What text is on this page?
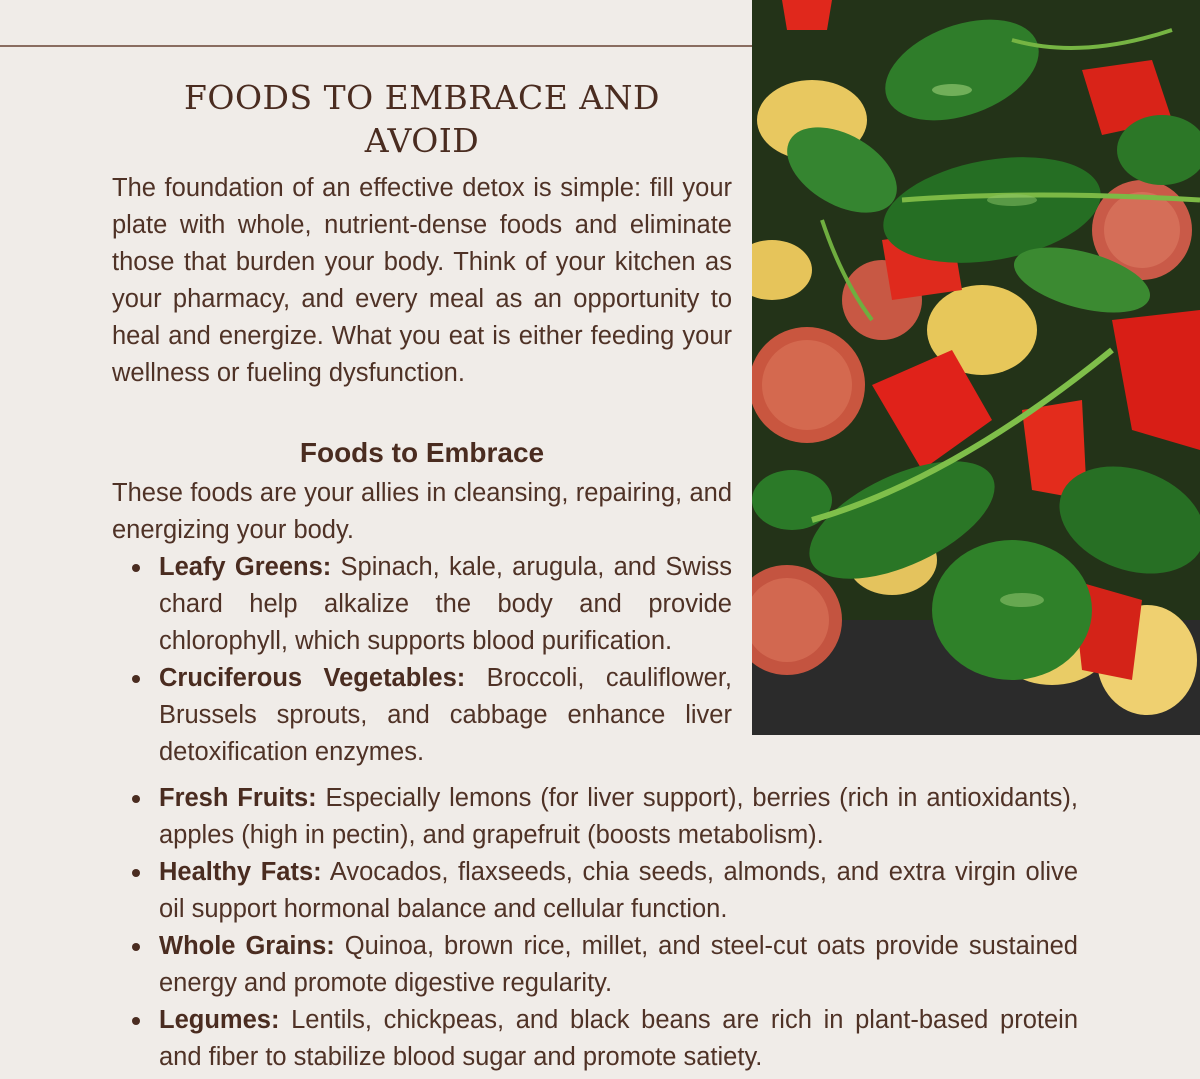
FOODS TO EMBRACE AND
AVOID

The foundation of an effective detox is simple: fill your plate with whole, nutrient-dense foods and eliminate those that burden your body. Think of your kitchen as your pharmacy, and every meal as an opportunity to heal and energize. What you eat is either feeding your wellness or fueling dysfunction.

Foods to Embrace

These foods are your allies in cleansing, repairing, and energizing your body.

Leafy Greens: Spinach, kale, arugula, and Swiss chard help alkalize the body and provide chlorophyll, which supports blood purification.
Cruciferous Vegetables: Broccoli, cauliflower, Brussels sprouts, and cabbage enhance liver detoxification enzymes.
Fresh Fruits: Especially lemons (for liver support), berries (rich in antioxidants), apples (high in pectin), and grapefruit (boosts metabolism).
Healthy Fats: Avocados, flaxseeds, chia seeds, almonds, and extra virgin olive oil support hormonal balance and cellular function.
Whole Grains: Quinoa, brown rice, millet, and steel-cut oats provide sustained energy and promote digestive regularity.
Legumes: Lentils, chickpeas, and black beans are rich in plant-based protein and fiber to stabilize blood sugar and promote satiety.
